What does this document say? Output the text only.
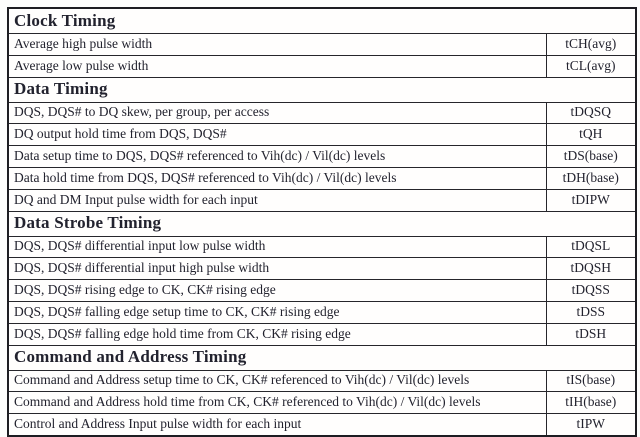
Clock Timing	
Average high pulse width	tCH(avg)
Average low pulse width	tCL(avg)
Data Timing	
DQS, DQS# to DQ skew, per group, per access	tDQSQ
DQ output hold time from DQS, DQS#	tQH
Data setup time to DQS, DQS# referenced to Vih(dc) / Vil(dc) levels	tDS(base)
Data hold time from DQS, DQS# referenced to Vih(dc) / Vil(dc) levels	tDH(base)
DQ and DM Input pulse width for each input	tDIPW
Data Strobe Timing	
DQS, DQS# differential input low pulse width	tDQSL
DQS, DQS# differential input high pulse width	tDQSH
DQS, DQS# rising edge to CK, CK# rising edge	tDQSS
DQS, DQS# falling edge setup time to CK, CK# rising edge	tDSS
DQS, DQS# falling edge hold time from CK, CK# rising edge	tDSH
Command and Address Timing	
Command and Address setup time to CK, CK# referenced to Vih(dc) / Vil(dc) levels	tIS(base)
Command and Address hold time from CK, CK# referenced to Vih(dc) / Vil(dc) levels	tIH(base)
Control and Address Input pulse width for each input	tIPW
